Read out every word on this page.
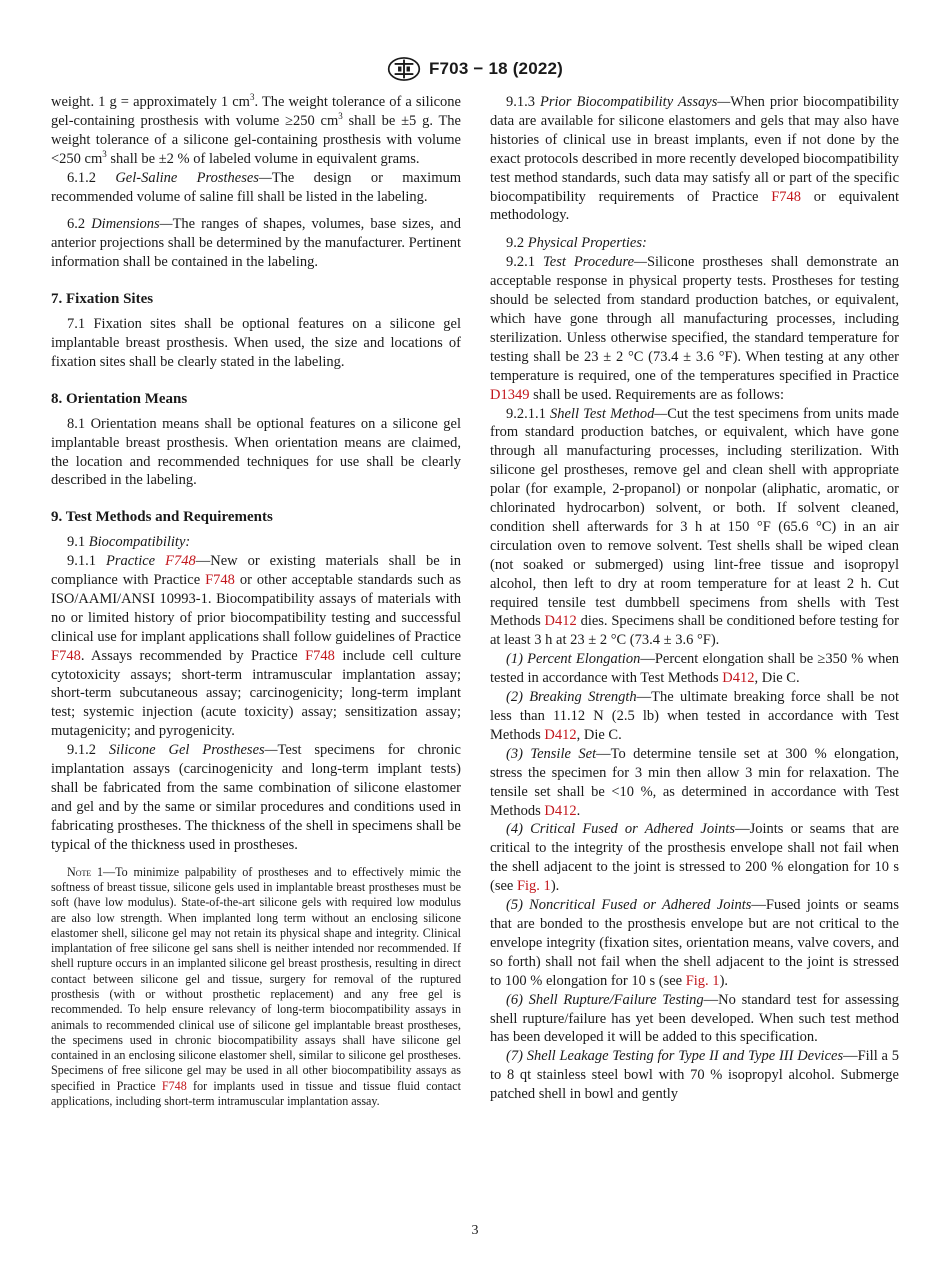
F703 − 18 (2022)

weight. 1 g = approximately 1 $cm^3$. The weight tolerance of a silicone gel-containing prosthesis with volume ≥250 $cm^3$ shall be ±5 g. The weight tolerance of a silicone gel-containing prosthesis with volume <250 $cm^3$ shall be ±2 % of labeled volume in equivalent grams.

6.1.2 Gel-Saline Prostheses—The design or maximum recommended volume of saline fill shall be listed in the labeling.

6.2 Dimensions—The ranges of shapes, volumes, base sizes, and anterior projections shall be determined by the manufacturer. Pertinent information shall be contained in the labeling.

7. Fixation Sites

7.1 Fixation sites shall be optional features on a silicone gel implantable breast prosthesis. When used, the size and locations of fixation sites shall be clearly stated in the labeling.

8. Orientation Means

8.1 Orientation means shall be optional features on a silicone gel implantable breast prosthesis. When orientation means are claimed, the location and recommended techniques for use shall be clearly described in the labeling.

9. Test Methods and Requirements

9.1 Biocompatibility:

9.1.1 Practice F748—New or existing materials shall be in compliance with Practice F748 or other acceptable standards such as ISO/AAMI/ANSI 10993-1. Biocompatibility assays of materials with no or limited history of prior biocompatibility testing and successful clinical use for implant applications shall follow guidelines of Practice F748. Assays recommended by Practice F748 include cell culture cytotoxicity assays; short-term intramuscular implantation assay; short-term subcutaneous assay; carcinogenicity; long-term implant test; systemic injection (acute toxicity) assay; sensitization assay; mutagenicity; and pyrogenicity.

9.1.2 Silicone Gel Prostheses—Test specimens for chronic implantation assays (carcinogenicity and long-term implant tests) shall be fabricated from the same combination of silicone elastomer and gel and by the same or similar procedures and conditions used in fabricating prostheses. The thickness of the shell in specimens shall be typical of the thickness used in prostheses.

Note 1—To minimize palpability of prostheses and to effectively mimic the softness of breast tissue, silicone gels used in implantable breast prostheses must be soft (have low modulus). State-of-the-art silicone gels with required low modulus are also low strength. When implanted long term without an enclosing silicone elastomer shell, silicone gel may not retain its physical shape and integrity. Clinical implantation of free silicone gel sans shell is neither intended nor recommended. If shell rupture occurs in an implanted silicone gel breast prosthesis, resulting in direct contact between silicone gel and tissue, surgery for removal of the ruptured prosthesis (with or without prosthetic replacement) and any free gel is recommended. To help ensure relevancy of long-term biocompatibility assays in animals to recommended clinical use of silicone gel implantable breast prostheses, the specimens used in chronic biocompatibility assays shall have silicone gel contained in an enclosing silicone elastomer shell, similar to silicone gel prostheses. Specimens of free silicone gel may be used in all other biocompatibility assays as specified in Practice F748 for implants used in tissue and tissue fluid contact applications, including short-term intramuscular implantation assay.

9.1.3 Prior Biocompatibility Assays—When prior biocompatibility data are available for silicone elastomers and gels that may also have histories of clinical use in breast implants, even if not done by the exact protocols described in more recently developed biocompatibility test method standards, such data may satisfy all or part of the specific biocompatibility requirements of Practice F748 or equivalent methodology.

9.2 Physical Properties:

9.2.1 Test Procedure—Silicone prostheses shall demonstrate an acceptable response in physical property tests. Prostheses for testing should be selected from standard production batches, or equivalent, which have gone through all manufacturing processes, including sterilization. Unless otherwise specified, the standard temperature for testing shall be 23 ± 2 °C (73.4 ± 3.6 °F). When testing at any other temperature is required, one of the temperatures specified in Practice D1349 shall be used. Requirements are as follows:

9.2.1.1 Shell Test Method—Cut the test specimens from units made from standard production batches, or equivalent, which have gone through all manufacturing processes, including sterilization. With silicone gel prostheses, remove gel and clean shell with appropriate polar (for example, 2-propanol) or nonpolar (aliphatic, aromatic, or chlorinated hydrocarbon) solvent, or both. If solvent cleaned, condition shell afterwards for 3 h at 150 °F (65.6 °C) in an air circulation oven to remove solvent. Test shells shall be wiped clean (not soaked or submerged) using lint-free tissue and isopropyl alcohol, then left to dry at room temperature for at least 2 h. Cut required tensile test dumbbell specimens from shells with Test Methods D412 dies. Specimens shall be conditioned before testing for at least 3 h at 23 ± 2 °C (73.4 ± 3.6 °F).

(1) Percent Elongation—Percent elongation shall be ≥350 % when tested in accordance with Test Methods D412, Die C.

(2) Breaking Strength—The ultimate breaking force shall be not less than 11.12 N (2.5 lb) when tested in accordance with Test Methods D412, Die C.

(3) Tensile Set—To determine tensile set at 300 % elongation, stress the specimen for 3 min then allow 3 min for relaxation. The tensile set shall be <10 %, as determined in accordance with Test Methods D412.

(4) Critical Fused or Adhered Joints—Joints or seams that are critical to the integrity of the prosthesis envelope shall not fail when the shell adjacent to the joint is stressed to 200 % elongation for 10 s (see Fig. 1).

(5) Noncritical Fused or Adhered Joints—Fused joints or seams that are bonded to the prosthesis envelope but are not critical to the envelope integrity (fixation sites, orientation means, valve covers, and so forth) shall not fail when the shell adjacent to the joint is stressed to 100 % elongation for 10 s (see Fig. 1).

(6) Shell Rupture/Failure Testing—No standard test for assessing shell rupture/failure has yet been developed. When such test method has been developed it will be added to this specification.

(7) Shell Leakage Testing for Type II and Type III Devices—Fill a 5 to 8 qt stainless steel bowl with 70 % isopropyl alcohol. Submerge patched shell in bowl and gently

3
